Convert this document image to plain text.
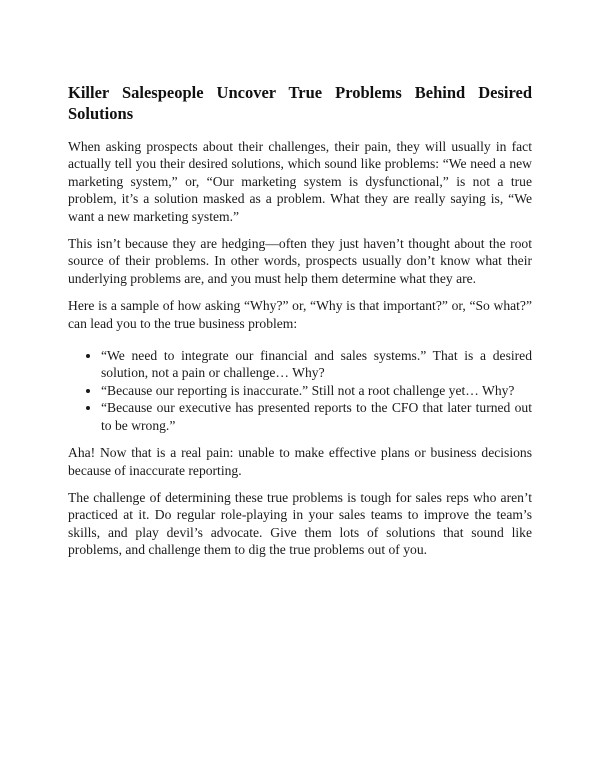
Killer Salespeople Uncover True Problems Behind Desired Solutions

When asking prospects about their challenges, their pain, they will usually in fact actually tell you their desired solutions, which sound like problems: “We need a new marketing system,” or, “Our marketing system is dysfunctional,” is not a true problem, it’s a solution masked as a problem. What they are really saying is, “We want a new marketing system.”

This isn’t because they are hedging—often they just haven’t thought about the root source of their problems. In other words, prospects usually don’t know what their underlying problems are, and you must help them determine what they are.

Here is a sample of how asking “Why?” or, “Why is that important?” or, “So what?” can lead you to the true business problem:

• “We need to integrate our financial and sales systems.” That is a desired solution, not a pain or challenge… Why?
• “Because our reporting is inaccurate.” Still not a root challenge yet… Why?
• “Because our executive has presented reports to the CFO that later turned out to be wrong.”

Aha! Now that is a real pain: unable to make effective plans or business decisions because of inaccurate reporting.

The challenge of determining these true problems is tough for sales reps who aren’t practiced at it. Do regular role-playing in your sales teams to improve the team’s skills, and play devil’s advocate. Give them lots of solutions that sound like problems, and challenge them to dig the true problems out of you.
